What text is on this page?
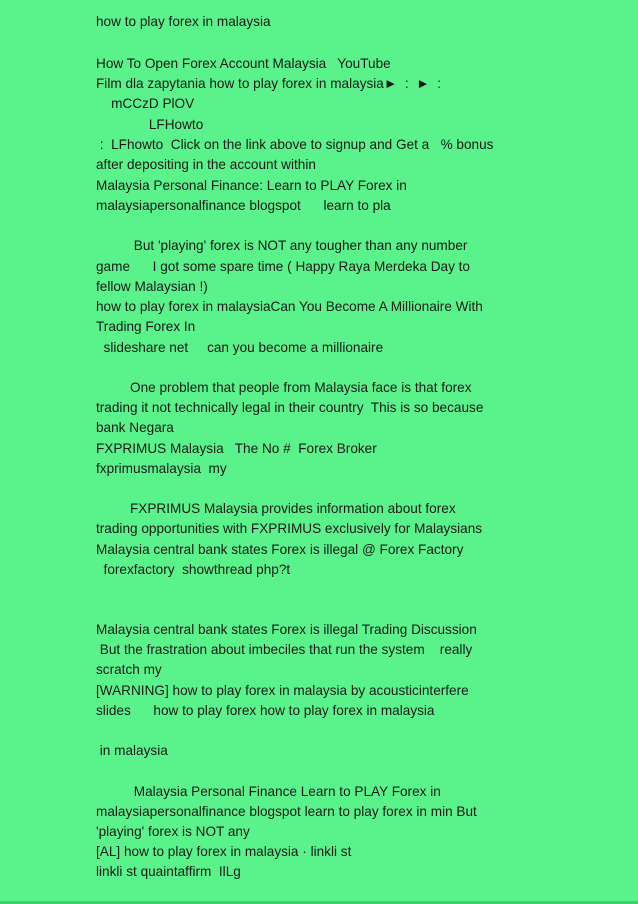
how to play forex in malaysia

How To Open Forex Account Malaysia   YouTube

Film dla zapytania how to play forex in malaysia►  :  ►  :

mCCzD PlOV

LFHowto

:  LFhowto  Click on the link above to signup and Get a   % bonus

after depositing in the account within

Malaysia Personal Finance: Learn to PLAY Forex in

malaysiapersonalfinance blogspot      learn to pla

But 'playing' forex is NOT any tougher than any number

game      I got some spare time ( Happy Raya Merdeka Day to

fellow Malaysian !)

how to play forex in malaysiaCan You Become A Millionaire With

Trading Forex In

slideshare net     can you become a millionaire

One problem that people from Malaysia face is that forex

trading it not technically legal in their country  This is so because

bank Negara

FXPRIMUS Malaysia   The No #  Forex Broker

fxprimusmalaysia  my

FXPRIMUS Malaysia provides information about forex

trading opportunities with FXPRIMUS exclusively for Malaysians

Malaysia central bank states Forex is illegal @ Forex Factory

forexfactory  showthread php?t

Malaysia central bank states Forex is illegal Trading Discussion

But the frastration about imbeciles that run the system    really

scratch my

[WARNING] how to play forex in malaysia by acousticinterfere

slides      how to play forex how to play forex in malaysia

in malaysia

Malaysia Personal Finance Learn to PLAY Forex in

malaysiapersonalfinance blogspot learn to play forex in min But

'playing' forex is NOT any

[AL] how to play forex in malaysia · linkli st

linkli st quaintaffirm  IlLg
